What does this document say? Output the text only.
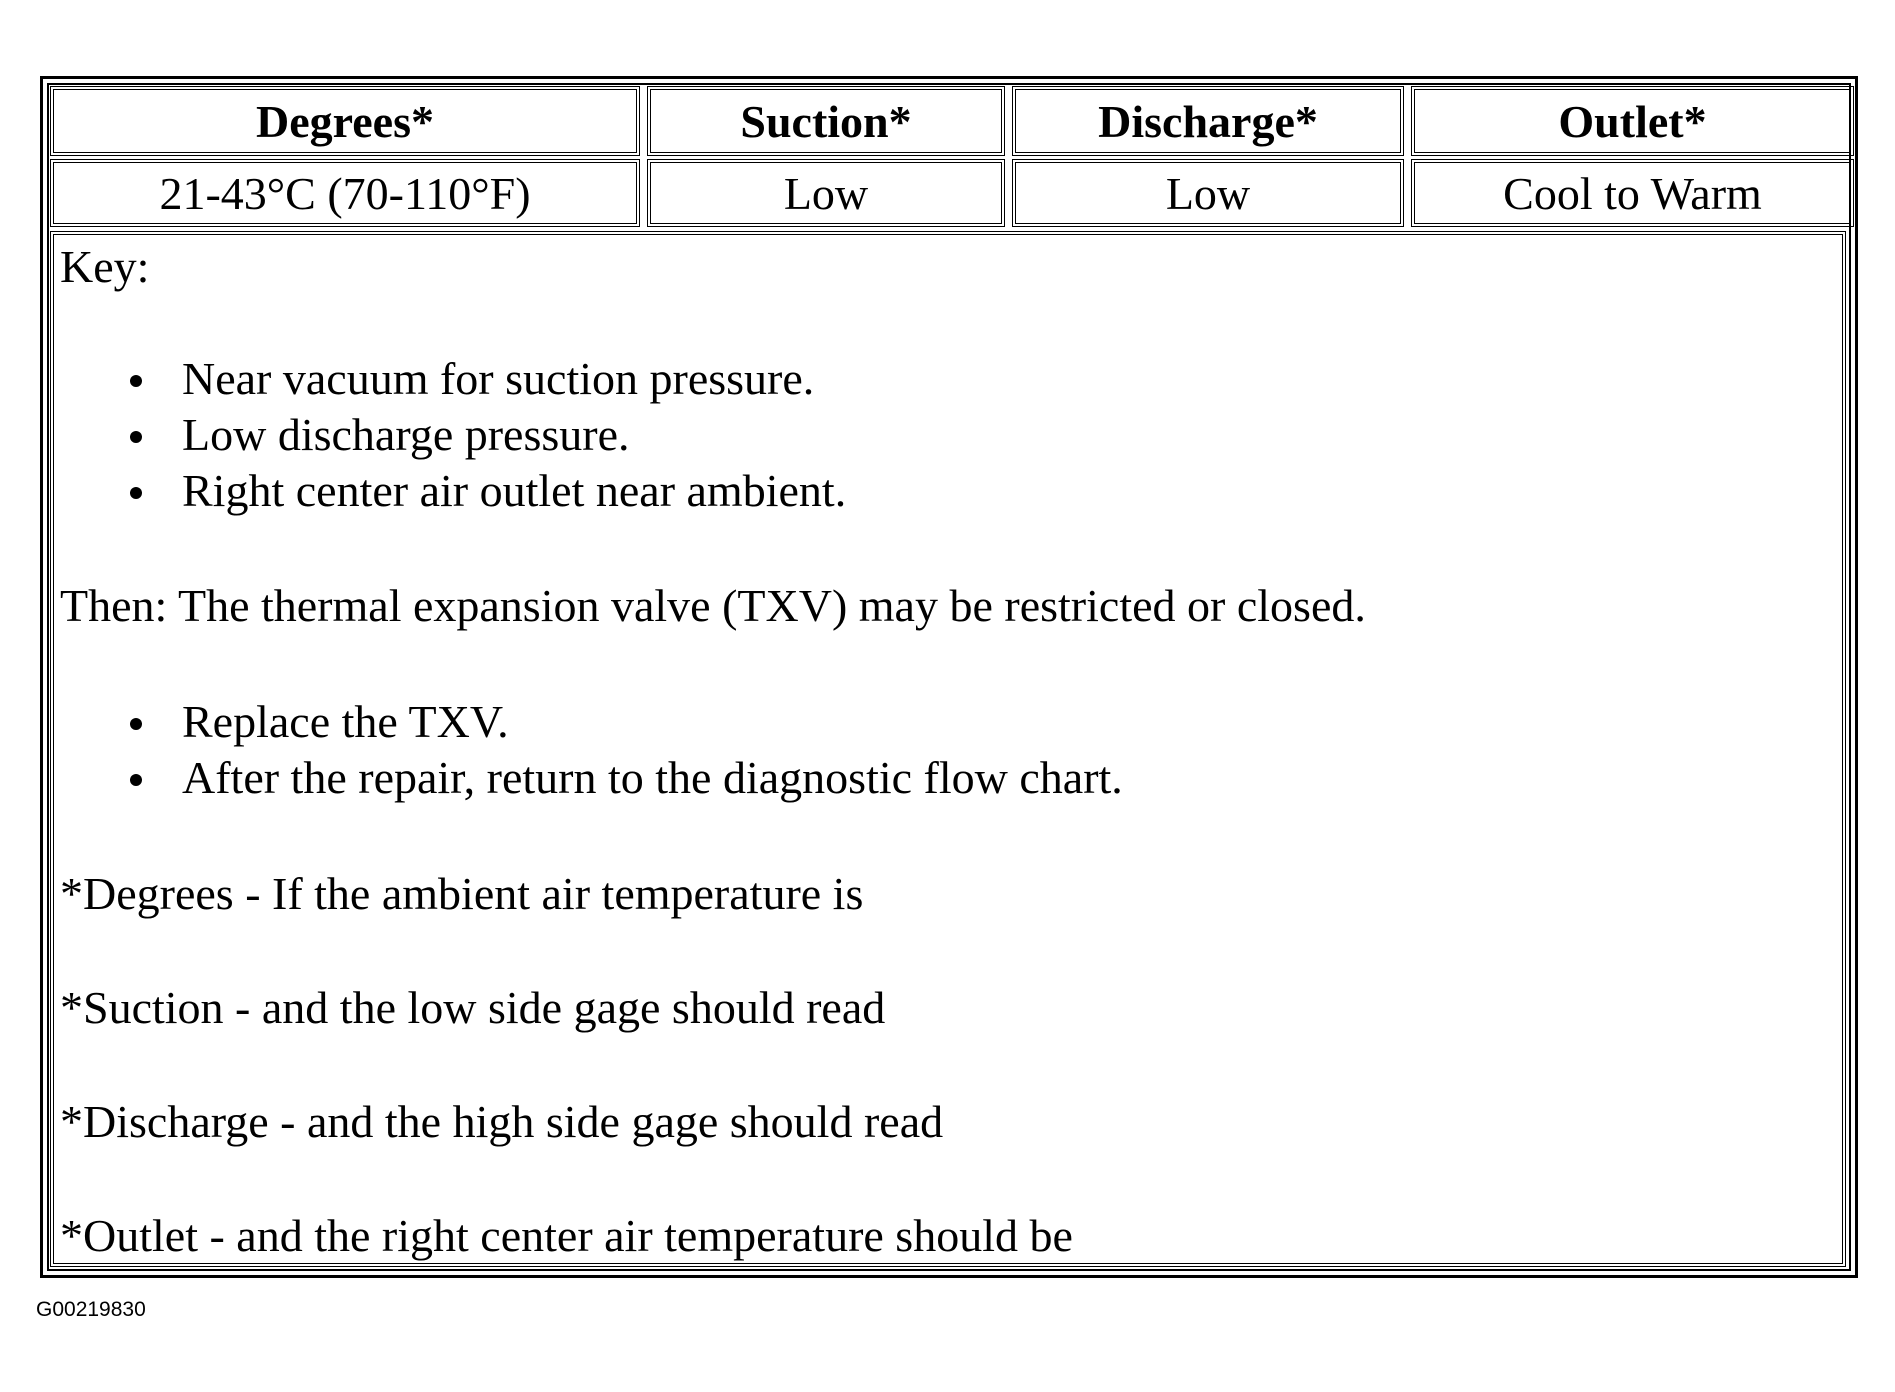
Degrees*	Suction*	Discharge*	Outlet*
21-43°C (70-110°F)	Low	Low	Cool to Warm

Key:

Near vacuum for suction pressure.
Low discharge pressure.
Right center air outlet near ambient.

Then: The thermal expansion valve (TXV) may be restricted or closed.

Replace the TXV.
After the repair, return to the diagnostic flow chart.

*Degrees - If the ambient air temperature is

*Suction - and the low side gage should read

*Discharge - and the high side gage should read

*Outlet - and the right center air temperature should be

G00219830
